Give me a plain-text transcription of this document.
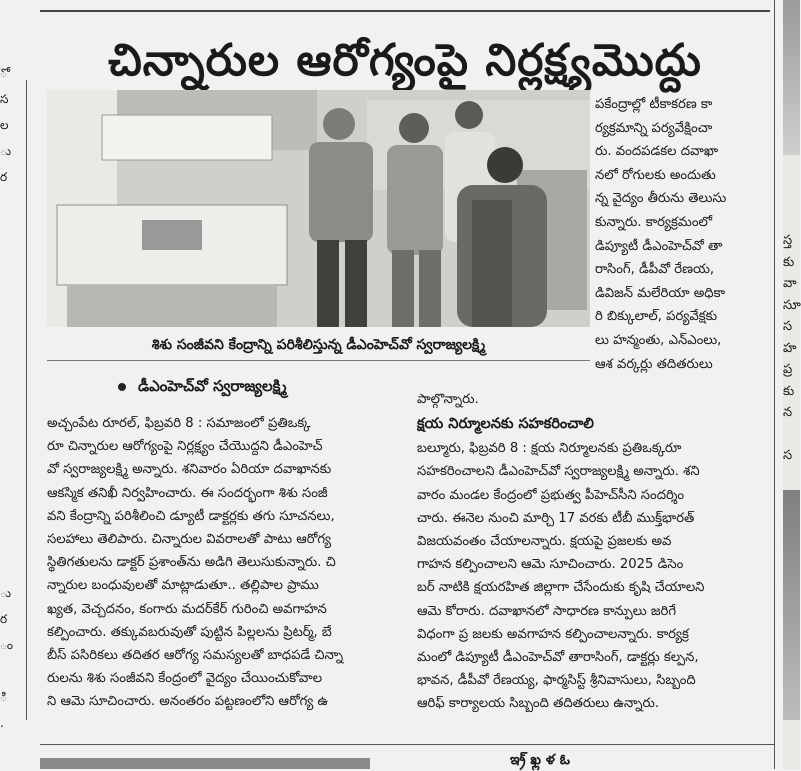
ో
స
ల
ు
ర
ు
ర
ం
ి
.
స్త
కు
వా
సూ
స
హ
ప్ర
కు
న
స
చిన్నారుల ఆరోగ్యంపై నిర్లక్ష్యమొద్దు
శిశు సంజీవని కేంద్రాన్ని పరిశీలిస్తున్న డీఎంహెచ్‌వో స్వరాజ్యలక్ష్మి
పకేంద్రాల్లో టీకాకరణ కా
ర్యక్రమాన్ని పర్యవేక్షించా
రు. వందపడకల దవాఖా
నలో రోగులకు అందుతు
న్న వైద్యం తీరును తెలుసు
కున్నారు. కార్యక్రమంలో
డిప్యూటీ డీఎంహెచ్‌వో తా
రాసింగ్, డీపీవో రేణయ,
డివిజన్ మలేరియా అధికా
రి బిక్కులాల్, పర్యవేక్షకు
లు హన్మంతు, ఎన్‌ఎంలు,
ఆశ వర్కర్లు తదితరులు
డీఎంహెచ్‌వో స్వరాజ్యలక్ష్మి
అచ్చంపేట రూరల్, ఫిబ్రవరి 8 : సమాజంలో ప్రతిఒక్క
రూ చిన్నారుల ఆరోగ్యంపై నిర్లక్ష్యం చేయొద్దని డీఎంహెచ్
వో స్వరాజ్యలక్ష్మి అన్నారు. శనివారం ఏరియా దవాఖానకు
ఆకస్మిక తనిఖీ నిర్వహించారు. ఈ సందర్భంగా శిశు సంజీ
వని కేంద్రాన్ని పరిశీలించి డ్యూటీ డాక్టర్లకు తగు సూచనలు,
సలహాలు తెలిపారు. చిన్నారుల వివరాలతో పాటు ఆరోగ్య
స్థితిగతులను డాక్టర్ ప్రశాంత్‌ను అడిగి తెలుసుకున్నారు. చి
న్నారుల బంధువులతో మాట్లాడుతూ.. తల్లిపాల ప్రాము
ఖ్యత, వెచ్చదనం, కంగారు మదర్‌కేర్ గురించి అవగాహన
కల్పించారు. తక్కువబరువుతో పుట్టిన పిల్లలను ప్రిటర్మ్, బే
బీస్ పసిరికలు తదితర ఆరోగ్య సమస్యలతో బాధపడే చిన్నా
రులను శిశు సంజీవని కేంద్రంలో వైద్యం చేయించుకోవాల
ని ఆమె సూచించారు. అనంతరం పట్టణంలోని ఆరోగ్య ఉ
పాల్గొన్నారు.
క్షయ నిర్మూలనకు సహకరించాలి
బల్మూరు, ఫిబ్రవరి 8 : క్షయ నిర్మూలనకు ప్రతిఒక్కరూ
సహకరించాలని డీఎంహెచ్‌వో స్వరాజ్యలక్ష్మి అన్నారు. శని
వారం మండల కేంద్రంలో ప్రభుత్వ పీహెచ్‌సీని సందర్శిం
చారు. ఈనెల నుంచి మార్చి 17 వరకు టీబీ ముక్త్‌భారత్
విజయవంతం చేయాలన్నారు. క్షయపై ప్రజలకు అవ
గాహన కల్పించాలని ఆమె సూచించారు. 2025 డిసెం
బర్ నాటికి క్షయరహిత జిల్లాగా చేసేందుకు కృషి చేయాలని
ఆమె కోరారు. దవాఖానలో సాధారణ కాన్పులు జరిగే
విధంగా ప్ర జలకు అవగాహన కల్పించాలన్నారు. కార్యక్ర
మంలో డిప్యూటీ డీఎంహెచ్‌వో తారాసింగ్, డాక్టర్లు కల్పన,
భావన, డీపీవో రేణయ్య, ఫార్మసిస్ట్ శ్రీనివాసులు, సిబ్బంది
ఆరిఫ్ కార్యాలయ సిబ్బంది తదితరులు ఉన్నారు.
ఇ్ర్ ఖ్ల ళ ఓ
